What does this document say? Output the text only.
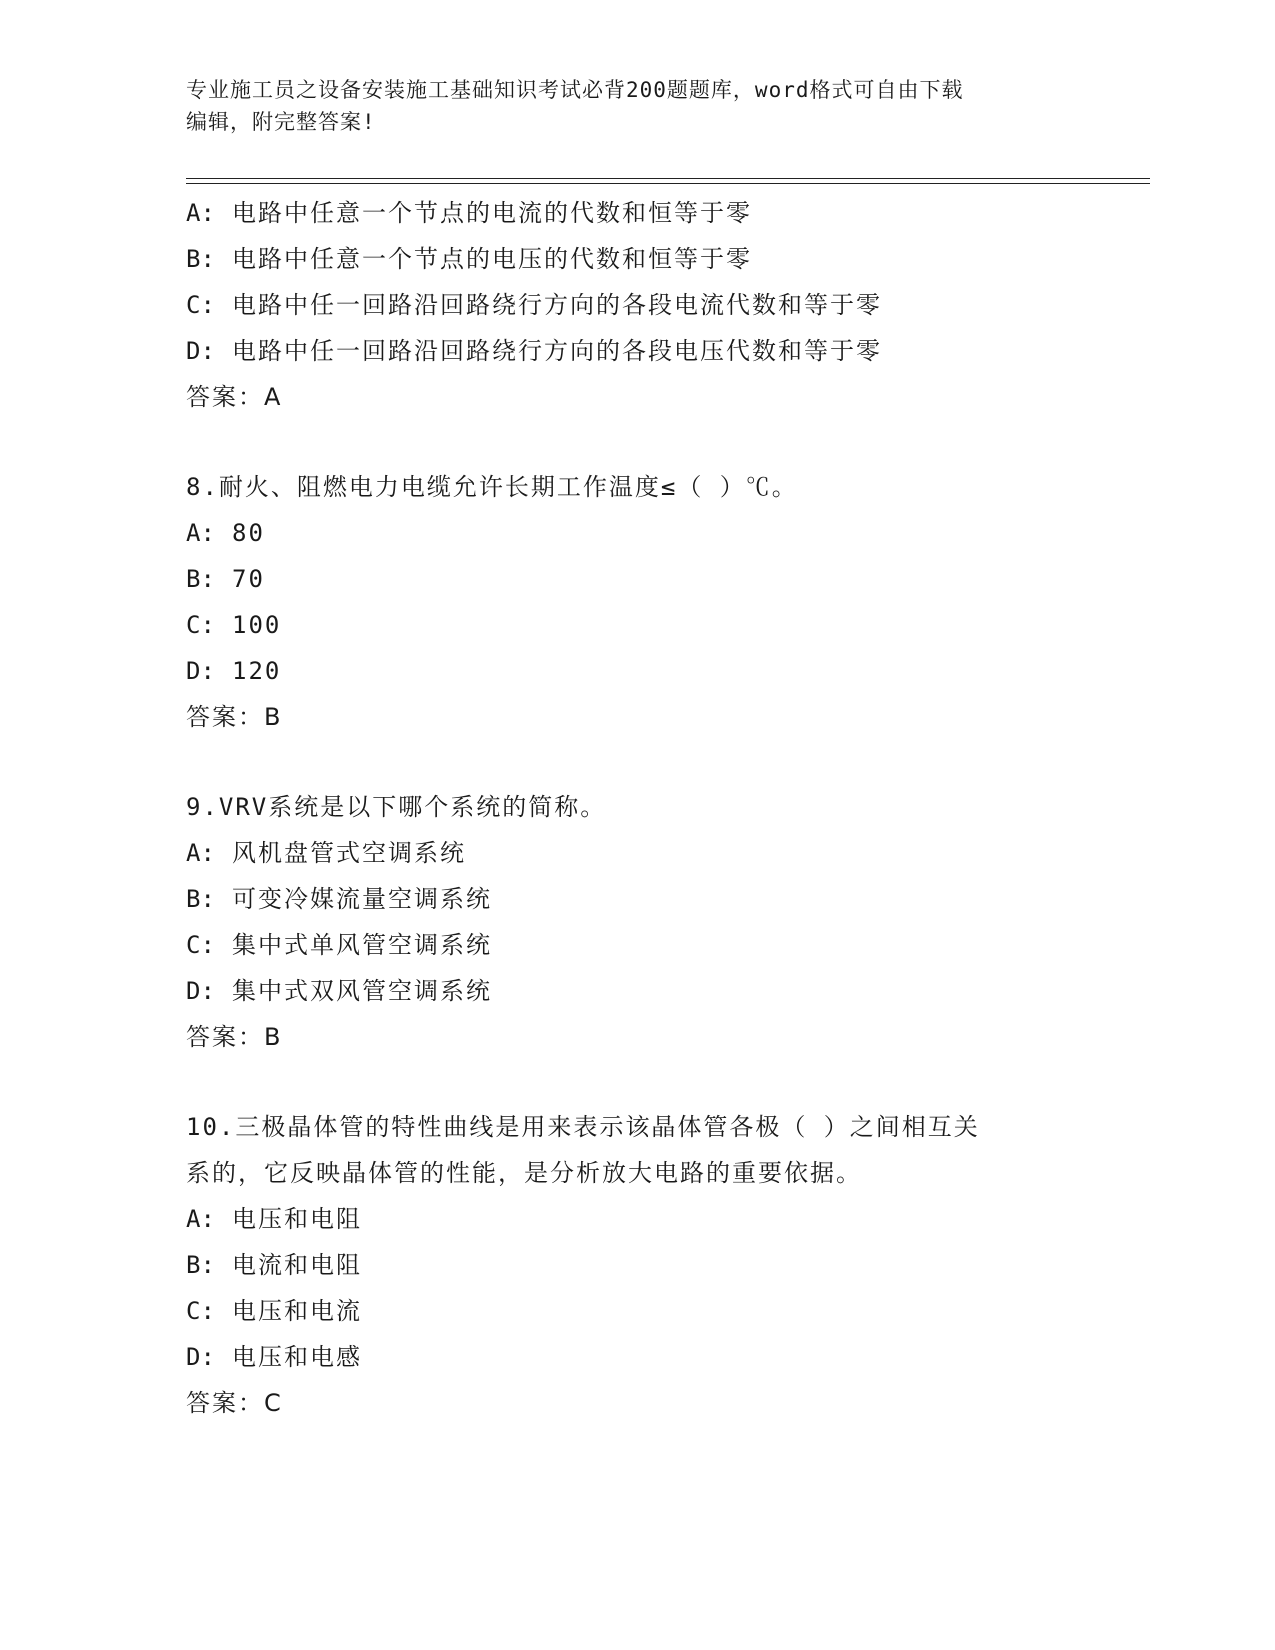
专业施工员之设备安装施工基础知识考试必背200题题库，word格式可自由下载
编辑，附完整答案!
A: 电路中任意一个节点的电流的代数和恒等于零
B: 电路中任意一个节点的电压的代数和恒等于零
C: 电路中任一回路沿回路绕行方向的各段电流代数和等于零
D: 电路中任一回路沿回路绕行方向的各段电压代数和等于零
答案：A
8.耐火、阻燃电力电缆允许长期工作温度≤（ ）℃。
A: 80
B: 70
C: 100
D: 120
答案：B
9.VRV系统是以下哪个系统的简称。
A: 风机盘管式空调系统
B: 可变冷媒流量空调系统
C: 集中式单风管空调系统
D: 集中式双风管空调系统
答案：B
10.三极晶体管的特性曲线是用来表示该晶体管各极（ ）之间相互关
系的，它反映晶体管的性能，是分析放大电路的重要依据。
A: 电压和电阻
B: 电流和电阻
C: 电压和电流
D: 电压和电感
答案：C
